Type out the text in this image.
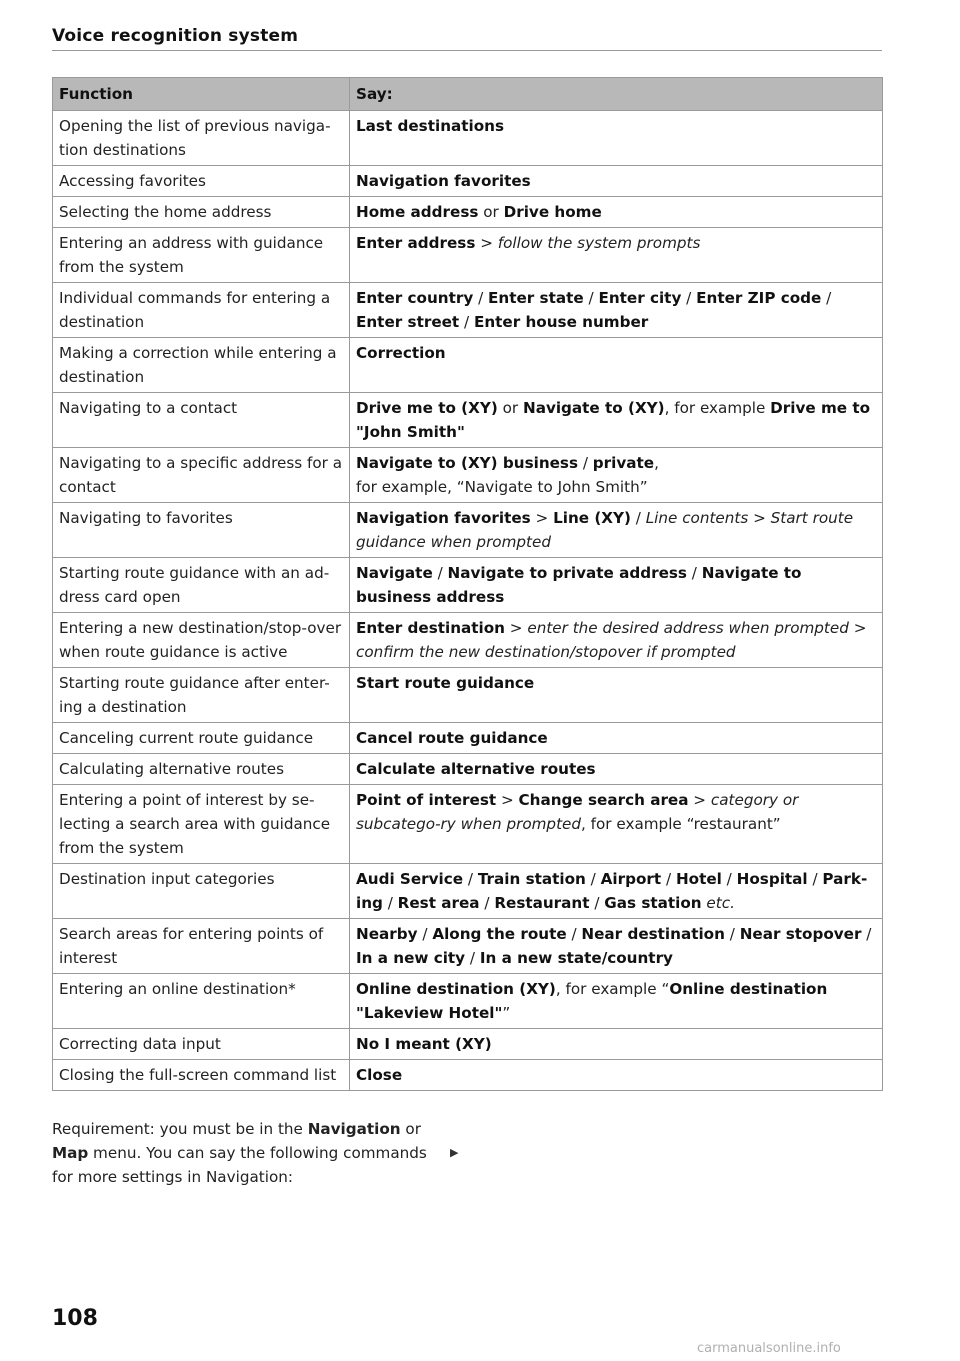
Voice recognition system
Function	Say:
Opening the list of previous naviga-tion destinations	Last destinations
Accessing favorites	Navigation favorites
Selecting the home address	Home address or Drive home
Entering an address with guidance from the system	Enter address > follow the system prompts
Individual commands for entering a destination	Enter country / Enter state / Enter city / Enter ZIP code / Enter street / Enter house number
Making a correction while entering a destination	Correction
Navigating to a contact	Drive me to (XY) or Navigate to (XY), for example Drive me to "John Smith"
Navigating to a specific address for a contact	Navigate to (XY) business / private,
for example, “Navigate to John Smith”
Navigating to favorites	Navigation favorites > Line (XY) / Line contents > Start route guidance when prompted
Starting route guidance with an ad-dress card open	Navigate / Navigate to private address / Navigate to business address
Entering a new destination/stop-over when route guidance is active	Enter destination > enter the desired address when prompted > confirm the new destination/stopover if prompted
Starting route guidance after enter-ing a destination	Start route guidance
Canceling current route guidance	Cancel route guidance
Calculating alternative routes	Calculate alternative routes
Entering a point of interest by se-lecting a search area with guidance from the system	Point of interest > Change search area > category or subcatego-ry when prompted, for example “restaurant”
Destination input categories	Audi Service / Train station / Airport / Hotel / Hospital / Park-ing / Rest area / Restaurant / Gas station etc.
Search areas for entering points of interest	Nearby / Along the route / Near destination / Near stopover / In a new city / In a new state/country
Entering an online destination*	Online destination (XY), for example “Online destination "Lakeview Hotel"”
Correcting data input	No I meant (XY)
Closing the full-screen command list	Close
Requirement: you must be in the Navigation or Map menu. You can say the following commands for more settings in Navigation:
▶
108
carmanualsonline.info
